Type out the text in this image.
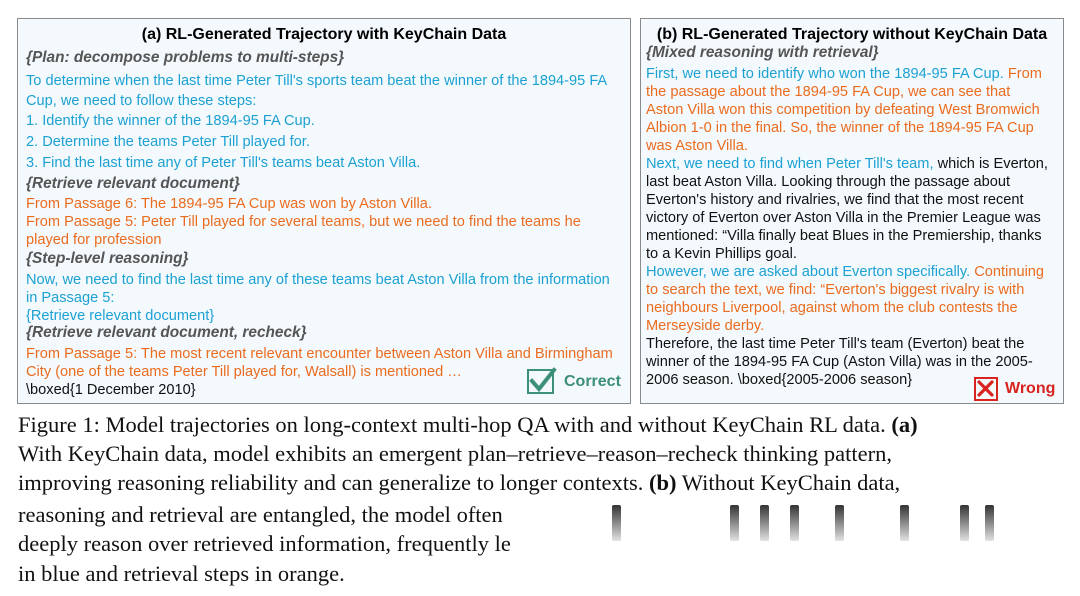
(a) RL-Generated Trajectory with KeyChain Data
{Plan: decompose problems to multi-steps}
To determine when the last time Peter Till's sports team beat the winner of the 1894-95 FA
Cup, we need to follow these steps:
1. Identify the winner of the 1894-95 FA Cup.
2. Determine the teams Peter Till played for.
3. Find the last time any of Peter Till's teams beat Aston Villa.
{Retrieve relevant document}
From Passage 6: The 1894-95 FA Cup was won by Aston Villa.
From Passage 5: Peter Till played for several teams, but we need to find the teams he
played for profession
{Step-level reasoning}
Now, we need to find the last time any of these teams beat Aston Villa from the information
in Passage 5:
{Retrieve relevant document}
{Retrieve relevant document, recheck}
From Passage 5: The most recent relevant encounter between Aston Villa and Birmingham
City (one of the teams Peter Till played for, Walsall) is mentioned …
\boxed{1 December 2010}
Correct
(b) RL-Generated Trajectory without KeyChain Data
{Mixed reasoning with retrieval}
First, we need to identify who won the 1894-95 FA Cup. From
the passage about the 1894-95 FA Cup, we can see that
Aston Villa won this competition by defeating West Bromwich
Albion 1-0 in the final. So, the winner of the 1894-95 FA Cup
was Aston Villa.
Next, we need to find when Peter Till's team, which is Everton,
last beat Aston Villa. Looking through the passage about
Everton's history and rivalries, we find that the most recent
victory of Everton over Aston Villa in the Premier League was
mentioned: “Villa finally beat Blues in the Premiership, thanks
to a Kevin Phillips goal.
However, we are asked about Everton specifically. Continuing
to search the text, we find: “Everton's biggest rivalry is with
neighbours Liverpool, against whom the club contests the
Merseyside derby.
Therefore, the last time Peter Till's team (Everton) beat the
winner of the 1894-95 FA Cup (Aston Villa) was in the 2005-
2006 season. \boxed{2005-2006 season}	Wrong
Figure 1: Model trajectories on long-context multi-hop QA with and without KeyChain RL data. (a)
With KeyChain data, model exhibits an emergent plan–retrieve–reason–recheck thinking pattern,
improving reasoning reliability and can generalize to longer contexts. (b) Without KeyChain data,
reasoning and retrieval are entangled, the model often
deeply reason over retrieved information, frequently le
in blue and retrieval steps in orange.
